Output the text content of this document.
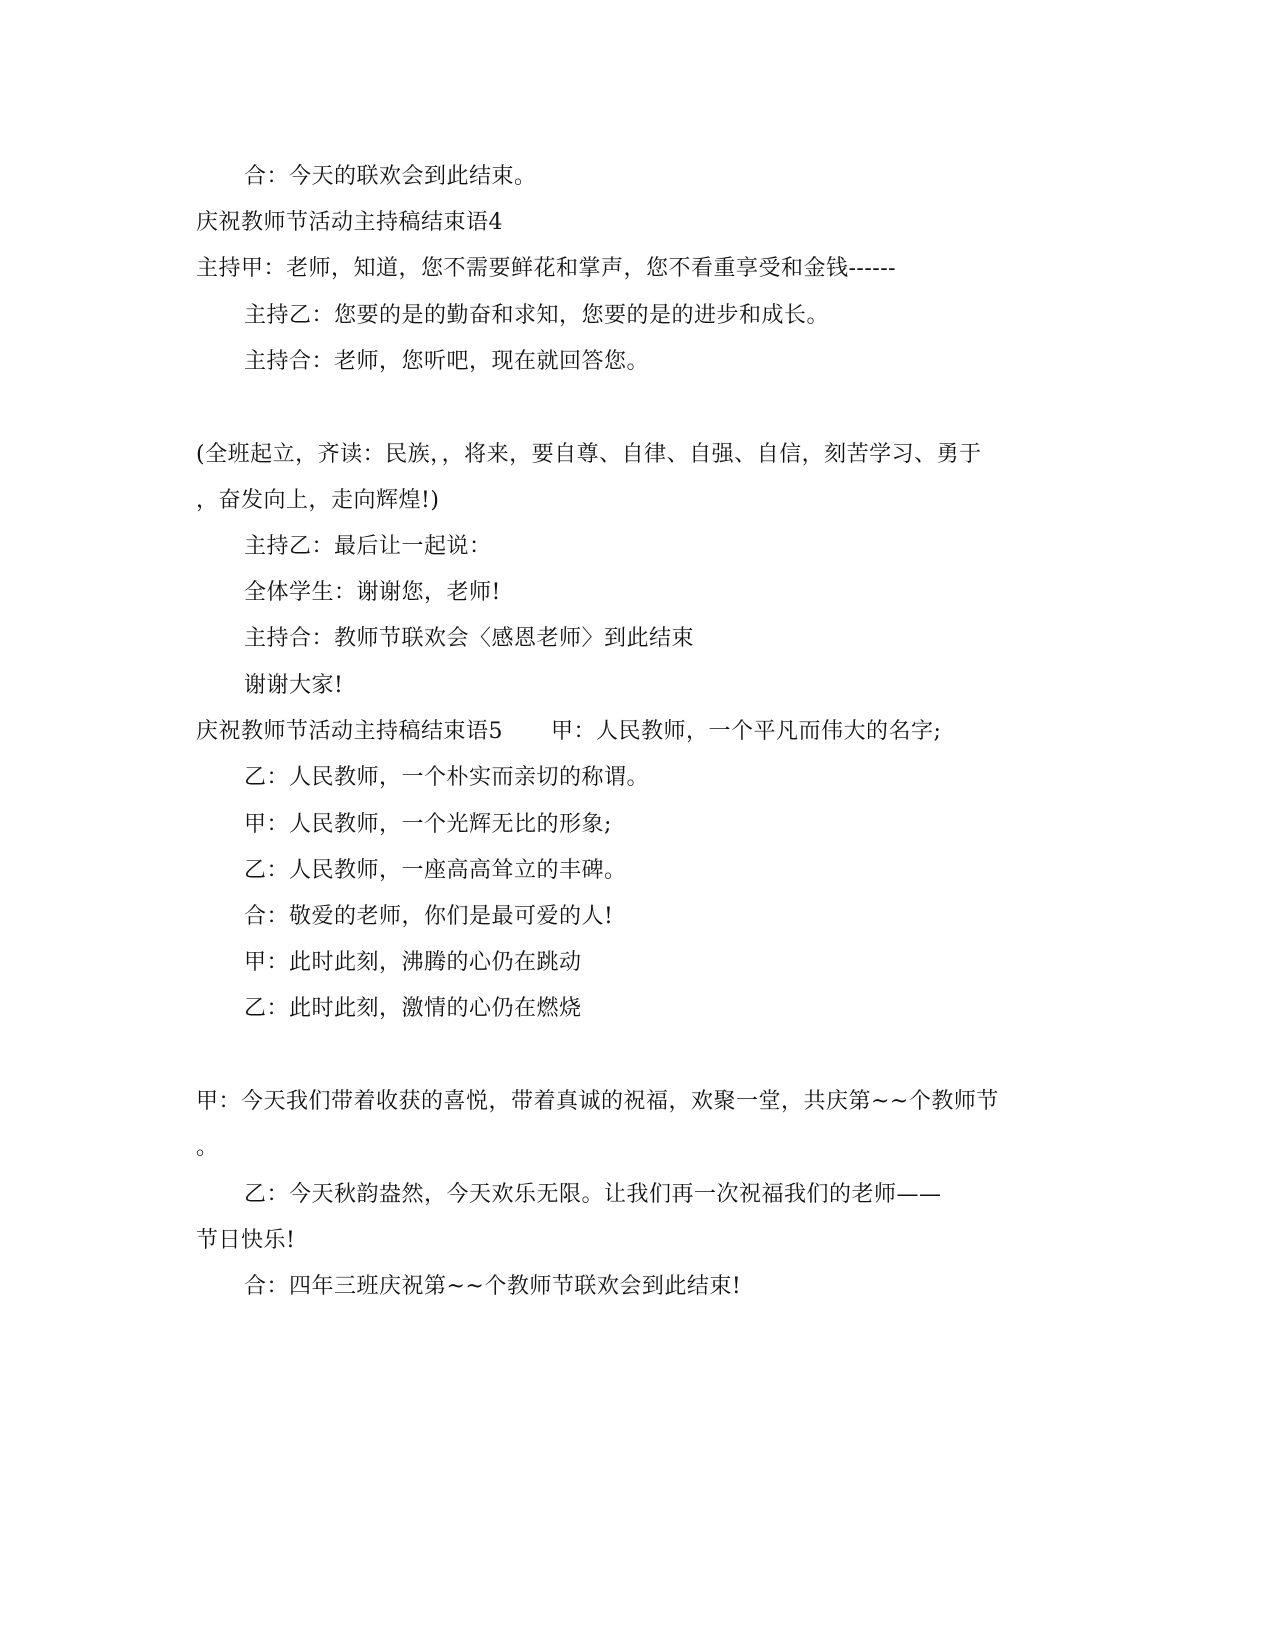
合：今天的联欢会到此结束。
庆祝教师节活动主持稿结束语4
主持甲：老师，知道，您不需要鲜花和掌声，您不看重享受和金钱------
主持乙：您要的是的勤奋和求知，您要的是的进步和成长。
主持合：老师，您听吧，现在就回答您。
(全班起立，齐读：民族，，将来，要自尊、自律、自强、自信，刻苦学习、勇于
，奋发向上，走向辉煌!)
主持乙：最后让一起说：
全体学生：谢谢您，老师!
主持合：教师节联欢会〈感恩老师〉到此结束
谢谢大家!
庆祝教师节活动主持稿结束语5 甲：人民教师，一个平凡而伟大的名字;
乙：人民教师，一个朴实而亲切的称谓。
甲：人民教师，一个光辉无比的形象;
乙：人民教师，一座高高耸立的丰碑。
合：敬爱的老师，你们是最可爱的人!
甲：此时此刻，沸腾的心仍在跳动
乙：此时此刻，激情的心仍在燃烧
甲：今天我们带着收获的喜悦，带着真诚的祝福，欢聚一堂，共庆第~~个教师节
。
乙：今天秋韵盎然，今天欢乐无限。让我们再一次祝福我们的老师——
节日快乐!
合：四年三班庆祝第~~个教师节联欢会到此结束!
